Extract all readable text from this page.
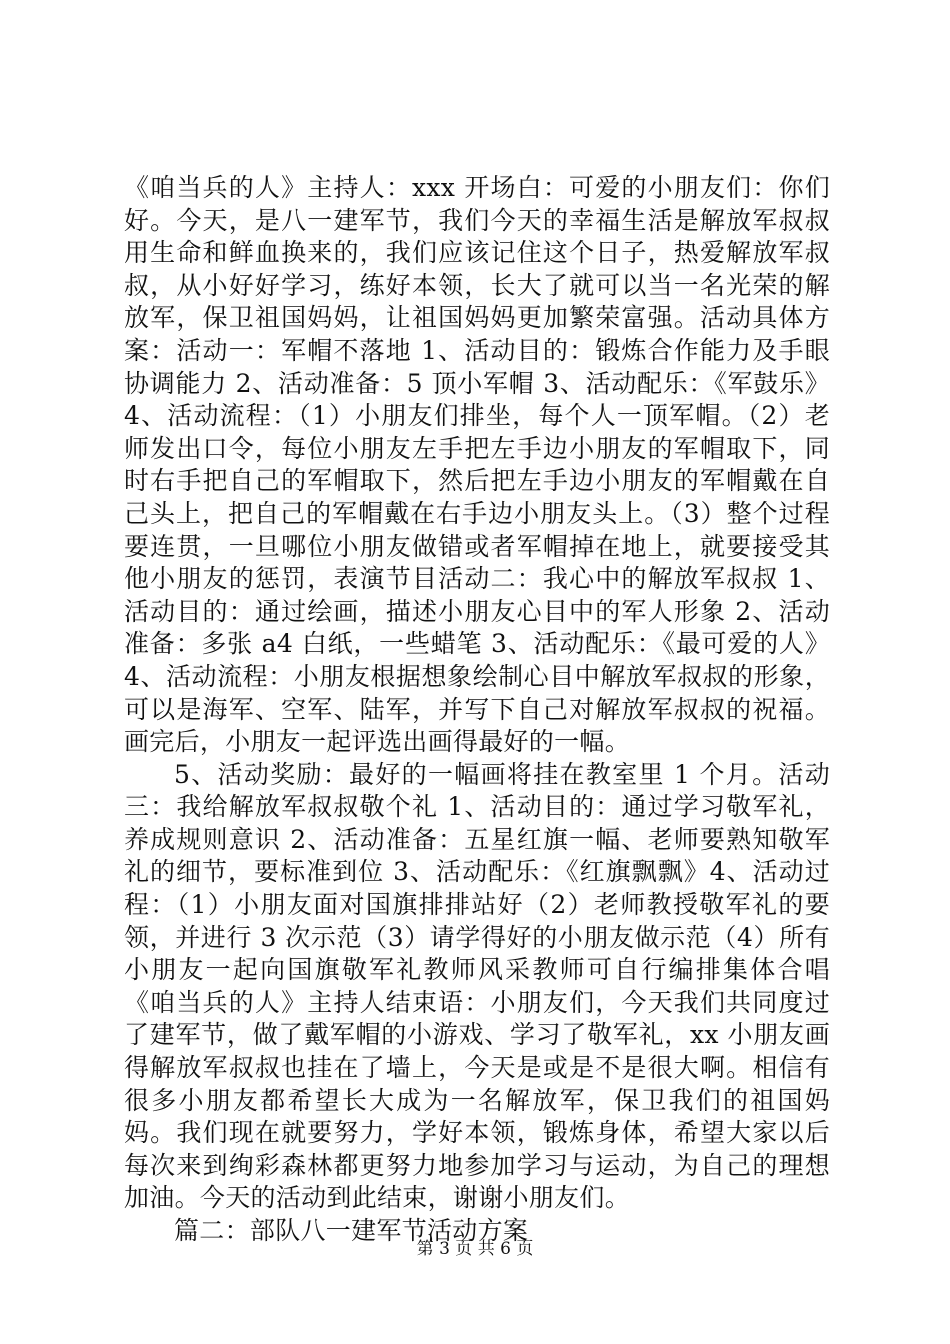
《咱当兵的人》主持人：xxx 开场白：可爱的小朋友们：你们好。今天，是八一建军节，我们今天的幸福生活是解放军叔叔用生命和鲜血换来的，我们应该记住这个日子，热爱解放军叔叔，从小好好学习，练好本领，长大了就可以当一名光荣的解放军，保卫祖国妈妈，让祖国妈妈更加繁荣富强。活动具体方案：活动一：军帽不落地 1、活动目的：锻炼合作能力及手眼协调能力 2、活动准备：5 顶小军帽 3、活动配乐：《军鼓乐》4、活动流程：（1）小朋友们排坐，每个人一顶军帽。（2）老师发出口令，每位小朋友左手把左手边小朋友的军帽取下，同时右手把自己的军帽取下，然后把左手边小朋友的军帽戴在自己头上，把自己的军帽戴在右手边小朋友头上。（3）整个过程要连贯，一旦哪位小朋友做错或者军帽掉在地上，就要接受其他小朋友的惩罚，表演节目活动二：我心中的解放军叔叔 1、活动目的：通过绘画，描述小朋友心目中的军人形象 2、活动准备：多张 a4 白纸，一些蜡笔 3、活动配乐：《最可爱的人》4、活动流程：小朋友根据想象绘制心目中解放军叔叔的形象，可以是海军、空军、陆军，并写下自己对解放军叔叔的祝福。画完后，小朋友一起评选出画得最好的一幅。

5、活动奖励：最好的一幅画将挂在教室里 1 个月。活动三：我给解放军叔叔敬个礼 1、活动目的：通过学习敬军礼，养成规则意识 2、活动准备：五星红旗一幅、老师要熟知敬军礼的细节，要标准到位 3、活动配乐：《红旗飘飘》4、活动过程：（1）小朋友面对国旗排排站好（2）老师教授敬军礼的要领，并进行 3 次示范（3）请学得好的小朋友做示范（4）所有小朋友一起向国旗敬军礼教师风采教师可自行编排集体合唱《咱当兵的人》主持人结束语：小朋友们，今天我们共同度过了建军节，做了戴军帽的小游戏、学习了敬军礼，xx 小朋友画得解放军叔叔也挂在了墙上，今天是或是不是很大啊。相信有很多小朋友都希望长大成为一名解放军，保卫我们的祖国妈妈。我们现在就要努力，学好本领，锻炼身体，希望大家以后每次来到绚彩森林都更努力地参加学习与运动，为自己的理想加油。今天的活动到此结束，谢谢小朋友们。

篇二：部队八一建军节活动方案

第 3 页 共 6 页
